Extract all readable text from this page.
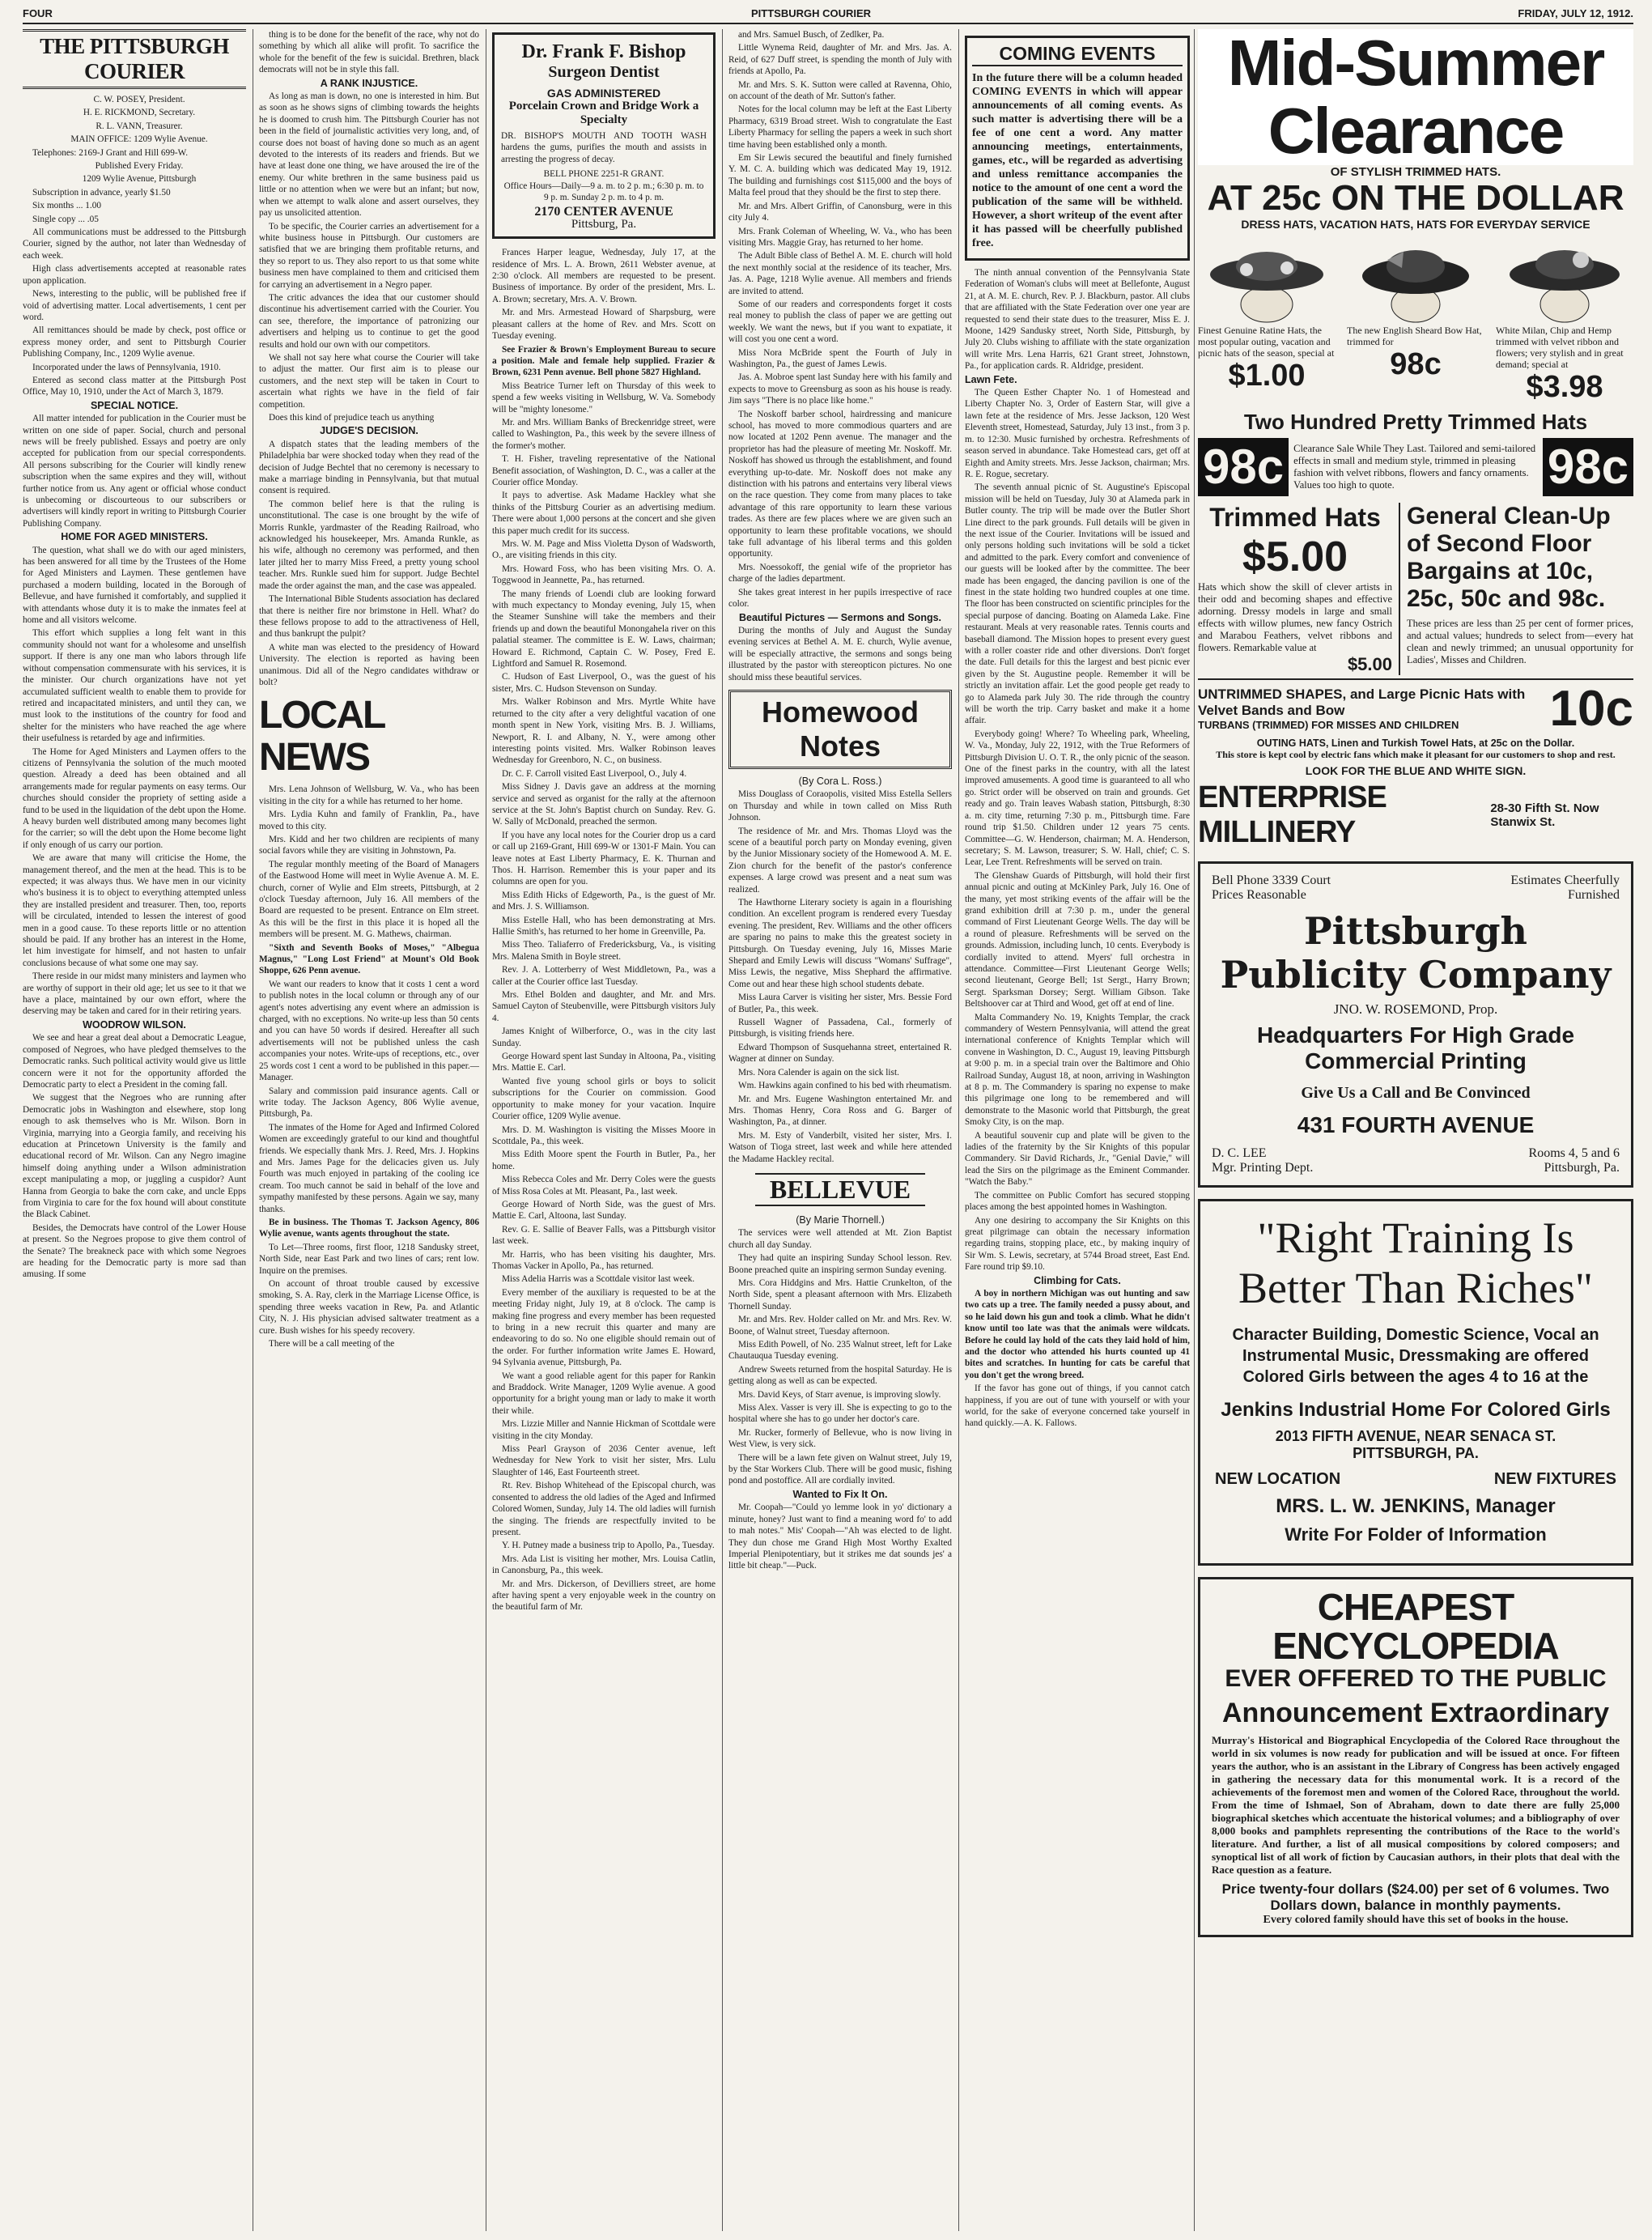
FOUR	PITTSBURGH COURIER	FRIDAY, JULY 12, 1912.
THE PITTSBURGH COURIER

C. W. POSEY, President.

H. E. RICKMOND, Secretary.

R. L. VANN, Treasurer.

MAIN OFFICE: 1209 Wylie Avenue.

Telephones: 2169-J Grant and Hill 699-W.

Published Every Friday.

1209 Wylie Avenue, Pittsburgh

Subscription in advance, yearly $1.50

Six months ... 1.00

Single copy ... .05

All communications must be addressed to the Pittsburgh Courier, signed by the author, not later than Wednesday of each week.

High class advertisements accepted at reasonable rates upon application.

News, interesting to the public, will be published free if void of advertising matter. Local advertisements, 1 cent per word.

All remittances should be made by check, post office or express money order, and sent to Pittsburgh Courier Publishing Company, Inc., 1209 Wylie avenue.

Incorporated under the laws of Pennsylvania, 1910.

Entered as second class matter at the Pittsburgh Post Office, May 10, 1910, under the Act of March 3, 1879.

SPECIAL NOTICE.

All matter intended for publication in the Courier must be written on one side of paper. Social, church and personal news will be freely published. Essays and poetry are only accepted for publication from our special correspondents. All persons subscribing for the Courier will kindly renew subscription when the same expires and they will, without further notice from us. Any agent or official whose conduct is unbecoming or discourteous to our subscribers or advertisers will kindly report in writing to Pittsburgh Courier Publishing Company.

HOME FOR AGED MINISTERS.

The question, what shall we do with our aged ministers, has been answered for all time by the Trustees of the Home for Aged Ministers and Laymen. These gentlemen have purchased a modern building, located in the Borough of Bellevue, and have furnished it comfortably, and supplied it with attendants whose duty it is to make the inmates feel at home and all visitors welcome.

This effort which supplies a long felt want in this community should not want for a wholesome and unselfish support. If there is any one man who labors through life without compensation commensurate with his services, it is the minister. Our church organizations have not yet accumulated sufficient wealth to enable them to provide for retired and incapacitated ministers, and until they can, we must look to the institutions of the country for food and shelter for the ministers who have reached the age where their usefulness is retarded by age and infirmities.

The Home for Aged Ministers and Laymen offers to the citizens of Pennsylvania the solution of the much mooted question. Already a deed has been obtained and all arrangements made for regular payments on easy terms. Our churches should consider the propriety of setting aside a fund to be used in the liquidation of the debt upon the Home. A heavy burden well distributed among many becomes light for the carrier; so will the debt upon the Home become light if only enough of us carry our portion.

We are aware that many will criticise the Home, the management thereof, and the men at the head. This is to be expected; it was always thus. We have men in our vicinity who's business it is to object to everything attempted unless they are installed president and treasurer. Then, too, reports will be circulated, intended to lessen the interest of good men in a good cause. To these reports little or no attention should be paid. If any brother has an interest in the Home, let him investigate for himself, and not hasten to unfair conclusions because of what some one may say.

There reside in our midst many ministers and laymen who are worthy of support in their old age; let us see to it that we have a place, maintained by our own effort, where the deserving may be taken and cared for in their retiring years.

WOODROW WILSON.

We see and hear a great deal about a Democratic League, composed of Negroes, who have pledged themselves to the Democratic ranks. Such political activity would give us little concern were it not for the opportunity afforded the Democratic party to elect a President in the coming fall.

We suggest that the Negroes who are running after Democratic jobs in Washington and elsewhere, stop long enough to ask themselves who is Mr. Wilson. Born in Virginia, marrying into a Georgia family, and receiving his education at Princetown University is the family and educational record of Mr. Wilson. Can any Negro imagine himself doing anything under a Wilson administration except manipulating a mop, or juggling a cuspidor? Aunt Hanna from Georgia to bake the corn cake, and uncle Epps from Virginia to care for the fox hound will about constitute the Black Cabinet.

Besides, the Democrats have control of the Lower House at present. So the Negroes propose to give them control of the Senate? The breakneck pace with which some Negroes are heading for the Democratic party is more sad than amusing. If some

thing is to be done for the benefit of the race, why not do something by which all alike will profit. To sacrifice the whole for the benefit of the few is suicidal. Brethren, black democrats will not be in style this fall.

A RANK INJUSTICE.

As long as man is down, no one is interested in him. But as soon as he shows signs of climbing towards the heights he is doomed to crush him. The Pittsburgh Courier has not been in the field of journalistic activities very long, and, of course does not boast of having done so much as an agent devoted to the interests of its readers and friends. But we have at least done one thing, we have aroused the ire of the enemy. Our white brethren in the same business paid us little or no attention when we were but an infant; but now, when we attempt to walk alone and assert ourselves, they pay us unsolicited attention.

To be specific, the Courier carries an advertisement for a white business house in Pittsburgh. Our customers are satisfied that we are bringing them profitable returns, and they so report to us. They also report to us that some white business men have complained to them and criticised them for carrying an advertisement in a Negro paper.

The critic advances the idea that our customer should discontinue his advertisement carried with the Courier. You can see, therefore, the importance of patronizing our advertisers and helping us to continue to get the good results and hold our own with our competitors.

We shall not say here what course the Courier will take to adjust the matter. Our first aim is to please our customers, and the next step will be taken in Court to ascertain what rights we have in the field of fair competition.

Does this kind of prejudice teach us anything

JUDGE'S DECISION.

A dispatch states that the leading members of the Philadelphia bar were shocked today when they read of the decision of Judge Bechtel that no ceremony is necessary to make a marriage binding in Pennsylvania, but that mutual consent is required.

The common belief here is that the ruling is unconstitutional. The case is one brought by the wife of Morris Runkle, yardmaster of the Reading Railroad, who acknowledged his housekeeper, Mrs. Amanda Runkle, as his wife, although no ceremony was performed, and then later jilted her to marry Miss Freed, a pretty young school teacher. Mrs. Runkle sued him for support. Judge Bechtel made the order against the man, and the case was appealed.

The International Bible Students association has declared that there is neither fire nor brimstone in Hell. What? do these fellows propose to add to the attractiveness of Hell, and thus bankrupt the pulpit?

A white man was elected to the presidency of Howard University. The election is reported as having been unanimous. Did all of the Negro candidates withdraw or bolt?

LOCAL NEWS

Mrs. Lena Johnson of Wellsburg, W. Va., who has been visiting in the city for a while has returned to her home.

Mrs. Lydia Kuhn and family of Franklin, Pa., have moved to this city.

Mrs. Kidd and her two children are recipients of many social favors while they are visiting in Johnstown, Pa.

The regular monthly meeting of the Board of Managers of the Eastwood Home will meet in Wylie Avenue A. M. E. church, corner of Wylie and Elm streets, Pittsburgh, at 2 o'clock Tuesday afternoon, July 16. All members of the Board are requested to be present. Entrance on Elm street. As this will be the first in this place it is hoped all the members will be present. M. G. Mathews, chairman.

"Sixth and Seventh Books of Moses," "Albegua Magnus," "Long Lost Friend" at Mount's Old Book Shoppe, 626 Penn avenue.

We want our readers to know that it costs 1 cent a word to publish notes in the local column or through any of our agent's notes advertising any event where an admission is charged, with no exceptions. No write-up less than 50 cents and you can have 50 words if desired. Hereafter all such advertisements will not be published unless the cash accompanies your notes. Write-ups of receptions, etc., over 25 words cost 1 cent a word to be published in this paper.—Manager.

Salary and commission paid insurance agents. Call or write today. The Jackson Agency, 806 Wylie avenue, Pittsburgh, Pa.

The inmates of the Home for Aged and Infirmed Colored Women are exceedingly grateful to our kind and thoughtful friends. We especially thank Mrs. J. Reed, Mrs. J. Hopkins and Mrs. James Page for the delicacies given us. July Fourth was much enjoyed in partaking of the cooling ice cream. Too much cannot be said in behalf of the love and sympathy manifested by these persons. Again we say, many thanks.

Be in business. The Thomas T. Jackson Agency, 806 Wylie avenue, wants agents throughout the state.

To Let—Three rooms, first floor, 1218 Sandusky street, North Side, near East Park and two lines of cars; rent low. Inquire on the premises.

On account of throat trouble caused by excessive smoking, S. A. Ray, clerk in the Marriage License Office, is spending three weeks vacation in Rew, Pa. and Atlantic City, N. J. His physician advised saltwater treatment as a cure. Bush wishes for his speedy recovery.

There will be a call meeting of the

Dr. Frank F. Bishop
Surgeon Dentist
GAS ADMINISTERED
Porcelain Crown and Bridge Work a Specialty

DR. BISHOP'S MOUTH AND TOOTH WASH hardens the gums, purifies the mouth and assists in arresting the progress of decay.

BELL PHONE 2251-R GRANT.

Office Hours—Daily—9 a. m. to 2 p. m.; 6:30 p. m. to 9 p. m. Sunday 2 p. m. to 4 p. m.

2170 CENTER AVENUE
Pittsburg, Pa.

Frances Harper league, Wednesday, July 17, at the residence of Mrs. L. A. Brown, 2611 Webster avenue, at 2:30 o'clock. All members are requested to be present. Business of importance. By order of the president, Mrs. L. A. Brown; secretary, Mrs. A. V. Brown.

Mr. and Mrs. Armestead Howard of Sharpsburg, were pleasant callers at the home of Rev. and Mrs. Scott on Tuesday evening.

See Frazier & Brown's Employment Bureau to secure a position. Male and female help supplied. Frazier & Brown, 6231 Penn avenue. Bell phone 5827 Highland.

Miss Beatrice Turner left on Thursday of this week to spend a few weeks visiting in Wellsburg, W. Va. Somebody will be "mighty lonesome."

Mr. and Mrs. William Banks of Breckenridge street, were called to Washington, Pa., this week by the severe illness of the former's mother.

T. H. Fisher, traveling representative of the National Benefit association, of Washington, D. C., was a caller at the Courier office Monday.

It pays to advertise. Ask Madame Hackley what she thinks of the Pittsburg Courier as an advertising medium. There were about 1,000 persons at the concert and she given this paper much credit for its success.

Mrs. W. M. Page and Miss Violetta Dyson of Wadsworth, O., are visiting friends in this city.

Mrs. Howard Foss, who has been visiting Mrs. O. A. Toggwood in Jeannette, Pa., has returned.

The many friends of Loendi club are looking forward with much expectancy to Monday evening, July 15, when the Steamer Sunshine will take the members and their friends up and down the beautiful Monongahela river on this palatial steamer. The committee is E. W. Laws, chairman; Howard E. Richmond, Captain C. W. Posey, Fred E. Lightford and Samuel R. Rosemond.

C. Hudson of East Liverpool, O., was the guest of his sister, Mrs. C. Hudson Stevenson on Sunday.

Mrs. Walker Robinson and Mrs. Myrtle White have returned to the city after a very delightful vacation of one month spent in New York, visiting Mrs. B. J. Williams, Newport, R. I. and Albany, N. Y., were among other interesting points visited. Mrs. Walker Robinson leaves Wednesday for Greenboro, N. C., on business.

Dr. C. F. Carroll visited East Liverpool, O., July 4.

Miss Sidney J. Davis gave an address at the morning service and served as organist for the rally at the afternoon service at the St. John's Baptist church on Sunday. Rev. G. W. Sally of McDonald, preached the sermon.

If you have any local notes for the Courier drop us a card or call up 2169-Grant, Hill 699-W or 1301-F Main. You can leave notes at East Liberty Pharmacy, E. K. Thurnan and Thos. H. Harrison. Remember this is your paper and its columns are open for you.

Miss Edith Hicks of Edgeworth, Pa., is the guest of Mr. and Mrs. J. S. Williamson.

Miss Estelle Hall, who has been demonstrating at Mrs. Hallie Smith's, has returned to her home in Greenville, Pa.

Miss Theo. Taliaferro of Fredericksburg, Va., is visiting Mrs. Malena Smith in Boyle street.

Rev. J. A. Lotterberry of West Middletown, Pa., was a caller at the Courier office last Tuesday.

Mrs. Ethel Bolden and daughter, and Mr. and Mrs. Samuel Cayton of Steubenville, were Pittsburgh visitors July 4.

James Knight of Wilberforce, O., was in the city last Sunday.

George Howard spent last Sunday in Altoona, Pa., visiting Mrs. Mattie E. Carl.

Wanted five young school girls or boys to solicit subscriptions for the Courier on commission. Good opportunity to make money for your vacation. Inquire Courier office, 1209 Wylie avenue.

Mrs. D. M. Washington is visiting the Misses Moore in Scottdale, Pa., this week.

Miss Edith Moore spent the Fourth in Butler, Pa., her home.

Miss Rebecca Coles and Mr. Derry Coles were the guests of Miss Rosa Coles at Mt. Pleasant, Pa., last week.

George Howard of North Side, was the guest of Mrs. Mattie E. Carl, Altoona, last Sunday.

Rev. G. E. Sallie of Beaver Falls, was a Pittsburgh visitor last week.

Mr. Harris, who has been visiting his daughter, Mrs. Thomas Vacker in Apollo, Pa., has returned.

Miss Adelia Harris was a Scottdale visitor last week.

Every member of the auxiliary is requested to be at the meeting Friday night, July 19, at 8 o'clock. The camp is making fine progress and every member has been requested to bring in a new recruit this quarter and many are endeavoring to do so. No one eligible should remain out of the order. For further information write James E. Howard, 94 Sylvania avenue, Pittsburgh, Pa.

We want a good reliable agent for this paper for Rankin and Braddock. Write Manager, 1209 Wylie avenue. A good opportunity for a bright young man or lady to make it worth their while.

Mrs. Lizzie Miller and Nannie Hickman of Scottdale were visiting in the city Monday.

Miss Pearl Grayson of 2036 Center avenue, left Wednesday for New York to visit her sister, Mrs. Lulu Slaughter of 146, East Fourteenth street.

Rt. Rev. Bishop Whitehead of the Episcopal church, was consented to address the old ladies of the Aged and Infirmed Colored Women, Sunday, July 14. The old ladies will furnish the singing. The friends are respectfully invited to be present.

Y. H. Putney made a business trip to Apollo, Pa., Tuesday.

Mrs. Ada List is visiting her mother, Mrs. Louisa Catlin, in Canonsburg, Pa., this week.

Mr. and Mrs. Dickerson, of Devilliers street, are home after having spent a very enjoyable week in the country on the beautiful farm of Mr.

and Mrs. Samuel Busch, of Zedlker, Pa.

Little Wynema Reid, daughter of Mr. and Mrs. Jas. A. Reid, of 627 Duff street, is spending the month of July with friends at Apollo, Pa.

Mr. and Mrs. S. K. Sutton were called at Ravenna, Ohio, on account of the death of Mr. Sutton's father.

Notes for the local column may be left at the East Liberty Pharmacy, 6319 Broad street. Wish to congratulate the East Liberty Pharmacy for selling the papers a week in such short time having been established only a month.

Em Sir Lewis secured the beautiful and finely furnished Y. M. C. A. building which was dedicated May 19, 1912. The building and furnishings cost $115,000 and the boys of Malta feel proud that they should be the first to step there.

Mr. and Mrs. Albert Griffin, of Canonsburg, were in this city July 4.

Mrs. Frank Coleman of Wheeling, W. Va., who has been visiting Mrs. Maggie Gray, has returned to her home.

The Adult Bible class of Bethel A. M. E. church will hold the next monthly social at the residence of its teacher, Mrs. Jas. A. Page, 1218 Wylie avenue. All members and friends are invited to attend.

Some of our readers and correspondents forget it costs real money to publish the class of paper we are getting out weekly. We want the news, but if you want to expatiate, it will cost you one cent a word.

Miss Nora McBride spent the Fourth of July in Washington, Pa., the guest of James Lewis.

Jas. A. Mobroe spent last Sunday here with his family and expects to move to Greensburg as soon as his house is ready. Jim says "There is no place like home."

The Noskoff barber school, hairdressing and manicure school, has moved to more commodious quarters and are now located at 1202 Penn avenue. The manager and the proprietor has had the pleasure of meeting Mr. Noskoff. Mr. Noskoff has showed us through the establishment, and found everything up-to-date. Mr. Noskoff does not make any distinction with his patrons and entertains very liberal views on the race question. They come from many places to take advantage of this rare opportunity to learn these various trades. As there are few places where we are given such an opportunity to learn these profitable vocations, we should take full advantage of his liberal terms and this golden opportunity.

Mrs. Noessokoff, the genial wife of the proprietor has charge of the ladies department.

She takes great interest in her pupils irrespective of race color.

Beautiful Pictures — Sermons and Songs.

During the months of July and August the Sunday evening services at Bethel A. M. E. church, Wylie avenue, will be especially attractive, the sermons and songs being illustrated by the pastor with stereopticon pictures. No one should miss these beautiful services.

Homewood Notes

(By Cora L. Ross.)

Miss Douglass of Coraopolis, visited Miss Estella Sellers on Thursday and while in town called on Miss Ruth Johnson.

The residence of Mr. and Mrs. Thomas Lloyd was the scene of a beautiful porch party on Monday evening, given by the Junior Missionary society of the Homewood A. M. E. Zion church for the benefit of the pastor's conference expenses. A large crowd was present and a neat sum was realized.

The Hawthorne Literary society is again in a flourishing condition. An excellent program is rendered every Tuesday evening. The president, Rev. Williams and the other officers are sparing no pains to make this the greatest society in Pittsburgh. On Tuesday evening, July 16, Misses Marie Shepard and Emily Lewis will discuss "Womans' Suffrage", Miss Lewis, the negative, Miss Shephard the affirmative. Come out and hear these high school students debate.

Miss Laura Carver is visiting her sister, Mrs. Bessie Ford of Butler, Pa., this week.

Russell Wagner of Passadena, Cal., formerly of Pittsburgh, is visiting friends here.

Edward Thompson of Susquehanna street, entertained R. Wagner at dinner on Sunday.

Mrs. Nora Calender is again on the sick list.

Wm. Hawkins again confined to his bed with rheumatism.

Mr. and Mrs. Eugene Washington entertained Mr. and Mrs. Thomas Henry, Cora Ross and G. Barger of Washington, Pa., at dinner.

Mrs. M. Esty of Vanderbilt, visited her sister, Mrs. I. Watson of Tioga street, last week and while here attended the Madame Hackley recital.

BELLEVUE

(By Marie Thornell.)

The services were well attended at Mt. Zion Baptist church all day Sunday.

They had quite an inspiring Sunday School lesson. Rev. Boone preached quite an inspiring sermon Sunday evening.

Mrs. Cora Hiddgins and Mrs. Hattie Crunkelton, of the North Side, spent a pleasant afternoon with Mrs. Elizabeth Thornell Sunday.

Mr. and Mrs. Rev. Holder called on Mr. and Mrs. Rev. W. Boone, of Walnut street, Tuesday afternoon.

Miss Edith Powell, of No. 235 Walnut street, left for Lake Chautauqua Tuesday evening.

Andrew Sweets returned from the hospital Saturday. He is getting along as well as can be expected.

Mrs. David Keys, of Starr avenue, is improving slowly.

Miss Alex. Vasser is very ill. She is expecting to go to the hospital where she has to go under her doctor's care.

Mr. Rucker, formerly of Bellevue, who is now living in West View, is very sick.

There will be a lawn fete given on Walnut street, July 19, by the Star Workers Club. There will be good music, fishing pond and postoffice. All are cordially invited.

Wanted to Fix It On.

Mr. Coopah—"Could yo lemme look in yo' dictionary a minute, honey? Just want to find a meaning word fo' to add to mah notes." Mis' Coopah—"Ah was elected to de light. They dun chose me Grand High Most Worthy Exalted Imperial Plenipotentiary, but it strikes me dat sounds jes' a little bit cheap."—Puck.

COMING EVENTS
In the future there will be a column headed COMING EVENTS in which will appear announcements of all coming events. As such matter is advertising there will be a fee of one cent a word. Any matter announcing meetings, entertainments, games, etc., will be regarded as advertising and unless remittance accompanies the notice to the amount of one cent a word the publication of the same will be withheld. However, a short writeup of the event after it has passed will be cheerfully published free.

The ninth annual convention of the Pennsylvania State Federation of Woman's clubs will meet at Bellefonte, August 21, at A. M. E. church, Rev. P. J. Blackburn, pastor. All clubs that are affiliated with the State Federation over one year are requested to send their state dues to the treasurer, Miss E. J. Moone, 1429 Sandusky street, North Side, Pittsburgh, by July 20. Clubs wishing to affiliate with the state organization will write Mrs. Lena Harris, 621 Grant street, Johnstown, Pa., for application cards. R. Aldridge, president.

Lawn Fete.

The Queen Esther Chapter No. 1 of Homestead and Liberty Chapter No. 3, Order of Eastern Star, will give a lawn fete at the residence of Mrs. Jesse Jackson, 120 West Eleventh street, Homestead, Saturday, July 13 inst., from 3 p. m. to 12:30. Music furnished by orchestra. Refreshments of season served in abundance. Take Homestead cars, get off at Eighth and Amity streets. Mrs. Jesse Jackson, chairman; Mrs. R. E. Rogue, secretary.

The seventh annual picnic of St. Augustine's Episcopal mission will be held on Tuesday, July 30 at Alameda park in Butler county. The trip will be made over the Butler Short Line direct to the park grounds. Full details will be given in the next issue of the Courier. Invitations will be issued and only persons holding such invitations will be sold a ticket and admitted to the park. Every comfort and convenience of our guests will be looked after by the committee. The beer made has been engaged, the dancing pavilion is one of the finest in the state holding two hundred couples at one time. The floor has been constructed on scientific principles for the special purpose of dancing. Boating on Alameda Lake. Fine restaurant. Meals at very reasonable rates. Tennis courts and baseball diamond. The Mission hopes to present every guest with a roller coaster ride and other diversions. Don't forget the date. Full details for this the largest and best picnic ever given by the St. Augustine people. Remember it will be strictly an invitation affair. Let the good people get ready to go to Alameda park July 30. The ride through the country will be worth the trip. Carry basket and make it a home affair.

Everybody going! Where? To Wheeling park, Wheeling, W. Va., Monday, July 22, 1912, with the True Reformers of Pittsburgh Division U. O. T. R., the only picnic of the season. One of the finest parks in the country, with all the latest improved amusements. A good time is guaranteed to all who go. Strict order will be observed on train and grounds. Get ready and go. Train leaves Wabash station, Pittsburgh, 8:30 a. m. city time, returning 7:30 p. m., Pittsburgh time. Fare round trip $1.50. Children under 12 years 75 cents. Committee—G. W. Henderson, chairman; M. A. Henderson, secretary; S. M. Lawson, treasurer; S. W. Hall, chief; C. S. Lear, Lee Trent. Refreshments will be served on train.

The Glenshaw Guards of Pittsburgh, will hold their first annual picnic and outing at McKinley Park, July 16. One of the many, yet most striking events of the affair will be the grand exhibition drill at 7:30 p. m., under the general command of First Lieutenant George Wells. The day will be a round of pleasure. Refreshments will be served on the grounds. Admission, including lunch, 10 cents. Everybody is cordially invited to attend. Myers' full orchestra in attendance. Committee—First Lieutenant George Wells; second lieutenant, George Bell; 1st Sergt., Harry Brown; Sergt. Sparksman Dorsey; Sergt. William Gibson. Take Beltshoover car at Third and Wood, get off at end of line.

Malta Commandery No. 19, Knights Templar, the crack commandery of Western Pennsylvania, will attend the great international conference of Knights Templar which will convene in Washington, D. C., August 19, leaving Pittsburgh at 9:00 p. m. in a special train over the Baltimore and Ohio Railroad Sunday, August 18, at noon, arriving in Washington at 8 p. m. The Commandery is sparing no expense to make this pilgrimage one long to be remembered and will demonstrate to the Masonic world that Pittsburgh, the great Smoky City, is on the map.

A beautiful souvenir cup and plate will be given to the ladies of the fraternity by the Sir Knights of this popular Commandery. Sir David Richards, Jr., "Genial Davie," will lead the Sirs on the pilgrimage as the Eminent Commander. "Watch the Baby."

The committee on Public Comfort has secured stopping places among the best appointed homes in Washington.

Any one desiring to accompany the Sir Knights on this great pilgrimage can obtain the necessary information regarding trains, stopping place, etc., by making inquiry of Sir Wm. S. Lewis, secretary, at 5744 Broad street, East End. Fare round trip $9.10.

Climbing for Cats.

A boy in northern Michigan was out hunting and saw two cats up a tree. The family needed a pussy about, and so he laid down his gun and took a climb. What he didn't know until too late was that the animals were wildcats. Before he could lay hold of the cats they laid hold of him, and the doctor who attended his hurts counted up 41 bites and scratches. In hunting for cats be careful that you don't get the wrong breed.

If the favor has gone out of things, if you cannot catch happiness, if you are out of tune with yourself or with your world, for the sake of everyone concerned take yourself in hand quickly.—A. K. Fallows.

Mid-Summer Clearance
OF STYLISH TRIMMED HATS.
AT 25c ON THE DOLLAR
DRESS HATS, VACATION HATS, HATS FOR EVERYDAY SERVICE
Finest Genuine Ratine Hats, the most popular outing, vacation and picnic hats of the season, special at
$1.00
The new English Sheard Bow Hat, trimmed for
98c
White Milan, Chip and Hemp trimmed with velvet ribbon and flowers; very stylish and in great demand; special at
$3.98
Two Hundred Pretty Trimmed Hats
98c Clearance Sale While They Last. Tailored and semi-tailored effects in small and medium style, trimmed in pleasing fashion with velvet ribbons, flowers and fancy ornaments. Values too high to quote.	98c
Trimmed Hats
$5.00
Hats which show the skill of clever artists in their odd and becoming shapes and effective adorning. Dressy models in large and small effects with willow plumes, new fancy Ostrich and Marabou Feathers, velvet ribbons and flowers. Remarkable value at
$5.00
General Clean-Up of Second Floor Bargains at 10c, 25c, 50c and 98c.
These prices are less than 25 per cent of former prices, and actual values; hundreds to select from—every hat clean and newly trimmed; an unusual opportunity for Ladies', Misses and Children.
UNTRIMMED SHAPES, and Large Picnic Hats with Velvet Bands and Bow
TURBANS (TRIMMED) FOR MISSES AND CHILDREN	10c
OUTING HATS, Linen and Turkish Towel Hats, at 25c on the Dollar.
This store is kept cool by electric fans which make it pleasant for our customers to shop and rest.
LOOK FOR THE BLUE AND WHITE SIGN.
ENTERPRISE MILLINERY
28-30 Fifth St. Now Stanwix St.
Bell Phone 3339 Court
Prices Reasonable
Estimates Cheerfully Furnished
Pittsburgh Publicity Company
JNO. W. ROSEMOND, Prop.
Headquarters For High Grade Commercial Printing
Give Us a Call and Be Convinced
431 FOURTH AVENUE
D. C. LEE
Mgr. Printing Dept.
Rooms 4, 5 and 6
Pittsburgh, Pa.
"Right Training Is Better Than Riches"
Character Building, Domestic Science, Vocal an Instrumental Music, Dressmaking are offered Colored Girls between the ages 4 to 16 at the
Jenkins Industrial Home For Colored Girls
2013 FIFTH AVENUE, NEAR SENACA ST.
PITTSBURGH, PA.
NEW LOCATION	NEW FIXTURES
MRS. L. W. JENKINS, Manager
Write For Folder of Information
CHEAPEST ENCYCLOPEDIA
EVER OFFERED TO THE PUBLIC
Announcement Extraordinary
Murray's Historical and Biographical Encyclopedia of the Colored Race throughout the world in six volumes is now ready for publication and will be issued at once. For fifteen years the author, who is an assistant in the Library of Congress has been actively engaged in gathering the necessary data for this monumental work. It is a record of the achievements of the foremost men and women of the Colored Race, throughout the world. From the time of Ishmael, Son of Abraham, down to date there are fully 25,000 biographical sketches which accentuate the historical volumes; and a bibliography of over 8,000 books and pamphlets representing the contributions of the Race to the world's literature. And further, a list of all musical compositions by colored composers; and synoptical list of all work of fiction by Caucasian authors, in their plots that deal with the Race question as a feature.
Price twenty-four dollars ($24.00) per set of 6 volumes. Two Dollars down, balance in monthly payments.
Every colored family should have this set of books in the house.
